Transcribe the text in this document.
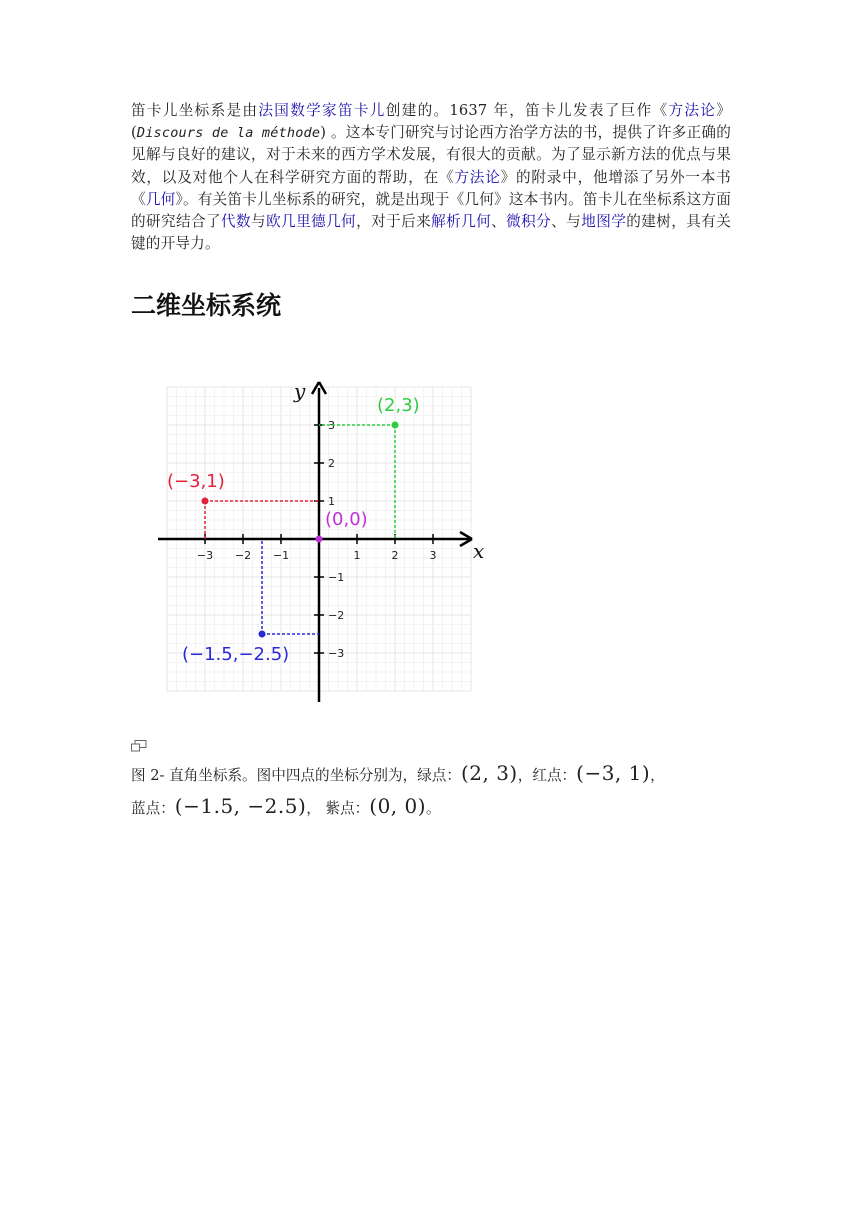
笛卡儿坐标系是由法国数学家笛卡儿创建的。1637 年，笛卡儿发表了巨作《方法论》(Discours de la méthode) 。这本专门研究与讨论西方治学方法的书，提供了许多正确的见解与良好的建议，对于未来的西方学术发展，有很大的贡献。为了显示新方法的优点与果效，以及对他个人在科学研究方面的帮助，在《方法论》的附录中，他增添了另外一本书《几何》。有关笛卡儿坐标系的研究，就是出现于《几何》这本书内。笛卡儿在坐标系这方面的研究结合了代数与欧几里德几何，对于后来解析几何、微积分、与地图学的建树，具有关键的开导力。

二维坐标系统
x
y
−3 −2 −1	1	2	3
3
2
1
−1
−2
−3
(2,3)
(−3,1)
(−1.5,−2.5)
(0,0)
图 2- 直角坐标系。图中四点的坐标分别为，绿点：(2, 3)，红点：(−3, 1)，
蓝点：(−1.5, −2.5)， 紫点：(0, 0)。
